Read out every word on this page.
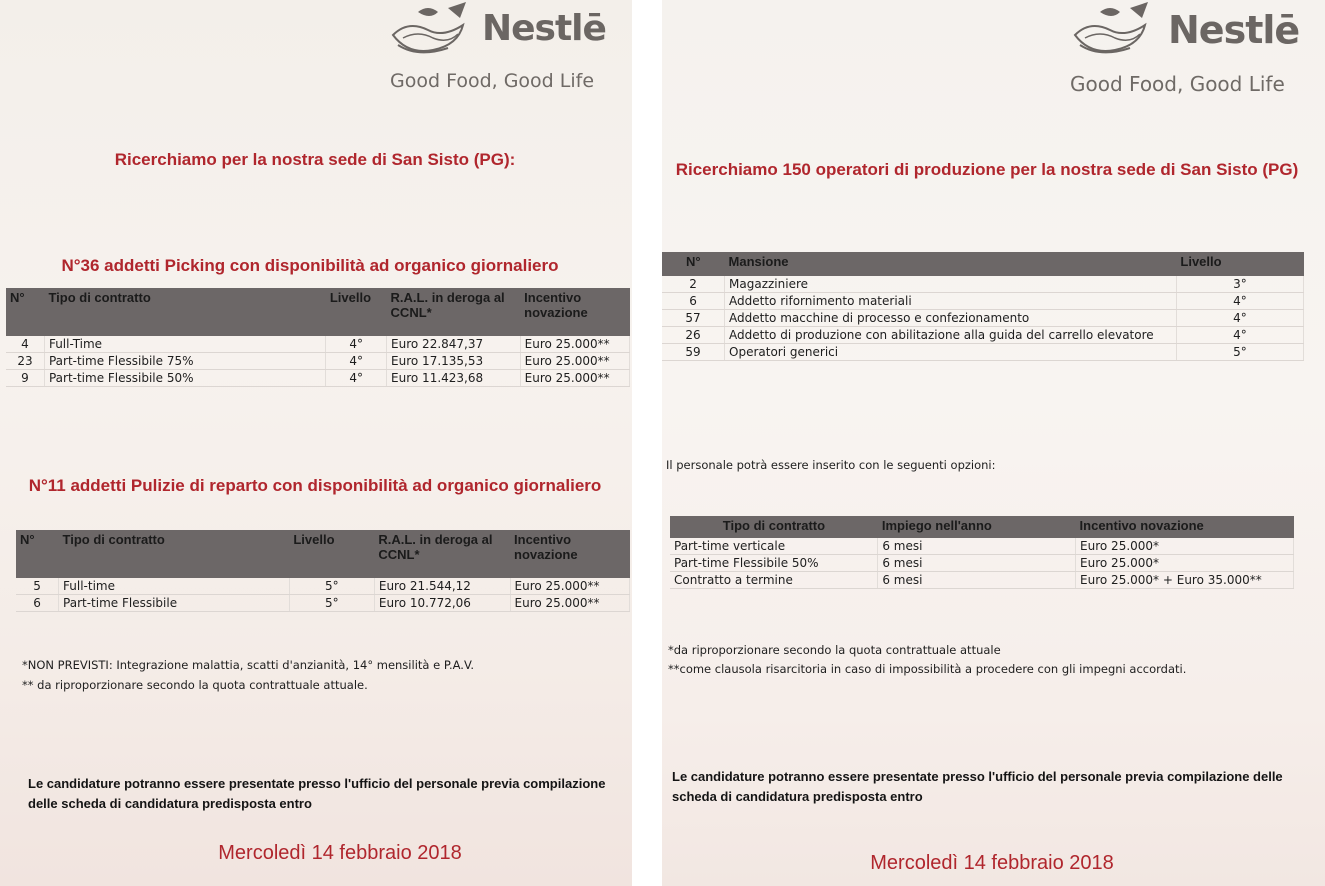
Nestlē
Good Food, Good Life
Ricerchiamo per la nostra sede di San Sisto (PG):
N°36 addetti Picking con disponibilità ad organico giornaliero
N°	Tipo di contratto	Livello	R.A.L. in deroga al CCNL*	Incentivo novazione
4	Full-Time	4°	Euro 22.847,37	Euro 25.000**
23	Part-time Flessibile 75%	4°	Euro 17.135,53	Euro 25.000**
9	Part-time Flessibile 50%	4°	Euro 11.423,68	Euro 25.000**
N°11 addetti Pulizie di reparto con disponibilità ad organico giornaliero
N°	Tipo di contratto	Livello	R.A.L. in deroga al CCNL*	Incentivo novazione
5	Full-time	5°	Euro 21.544,12	Euro 25.000**
6	Part-time Flessibile	5°	Euro 10.772,06	Euro 25.000**
*NON PREVISTI: Integrazione malattia, scatti d'anzianità, 14° mensilità e P.A.V.
** da riproporzionare secondo la quota contrattuale attuale.
Le candidature potranno essere presentate presso l'ufficio del personale previa compilazione delle scheda di candidatura predisposta entro
Mercoledì 14 febbraio 2018
Nestlē
Good Food, Good Life
Ricerchiamo 150 operatori di produzione per la nostra sede di San Sisto (PG)
N°	Mansione	Livello
2	Magazziniere	3°
6	Addetto rifornimento materiali	4°
57	Addetto macchine di processo e confezionamento	4°
26	Addetto di produzione con abilitazione alla guida del carrello elevatore	4°
59	Operatori generici	5°
Il personale potrà essere inserito con le seguenti opzioni:
Tipo di contratto	Impiego nell'anno	Incentivo novazione
Part-time verticale	6 mesi	Euro 25.000*
Part-time Flessibile 50%	6 mesi	Euro 25.000*
Contratto a termine	6 mesi	Euro 25.000* + Euro 35.000**
*da riproporzionare secondo la quota contrattuale attuale
**come clausola risarcitoria in caso di impossibilità a procedere con gli impegni accordati.
Le candidature potranno essere presentate presso l'ufficio del personale previa compilazione delle scheda di candidatura predisposta entro
Mercoledì 14 febbraio 2018
